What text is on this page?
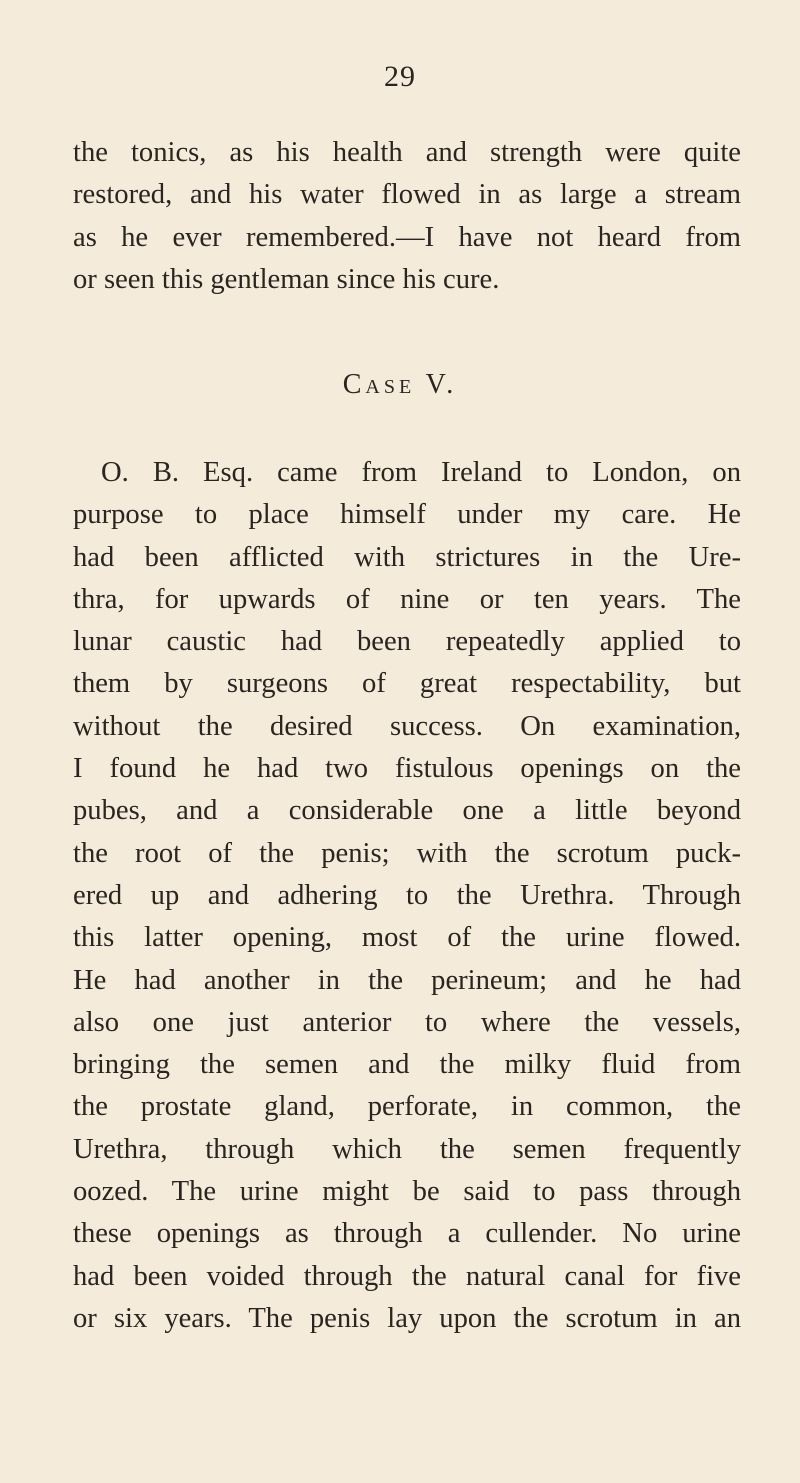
29
the tonics, as his health and strength were quite
restored, and his water flowed in as large a stream
as he ever remembered.—I have not heard from
or seen this gentleman since his cure.
Case V.
O. B. Esq. came from Ireland to London, on
purpose to place himself under my care. He
had been afflicted with strictures in the Ure-
thra, for upwards of nine or ten years. The
lunar caustic had been repeatedly applied to
them by surgeons of great respectability, but
without the desired success. On examination,
I found he had two fistulous openings on the
pubes, and a considerable one a little beyond
the root of the penis; with the scrotum puck-
ered up and adhering to the Urethra. Through
this latter opening, most of the urine flowed.
He had another in the perineum; and he had
also one just anterior to where the vessels,
bringing the semen and the milky fluid from
the prostate gland, perforate, in common, the
Urethra, through which the semen frequently
oozed. The urine might be said to pass through
these openings as through a cullender. No urine
had been voided through the natural canal for five
or six years. The penis lay upon the scrotum in an
